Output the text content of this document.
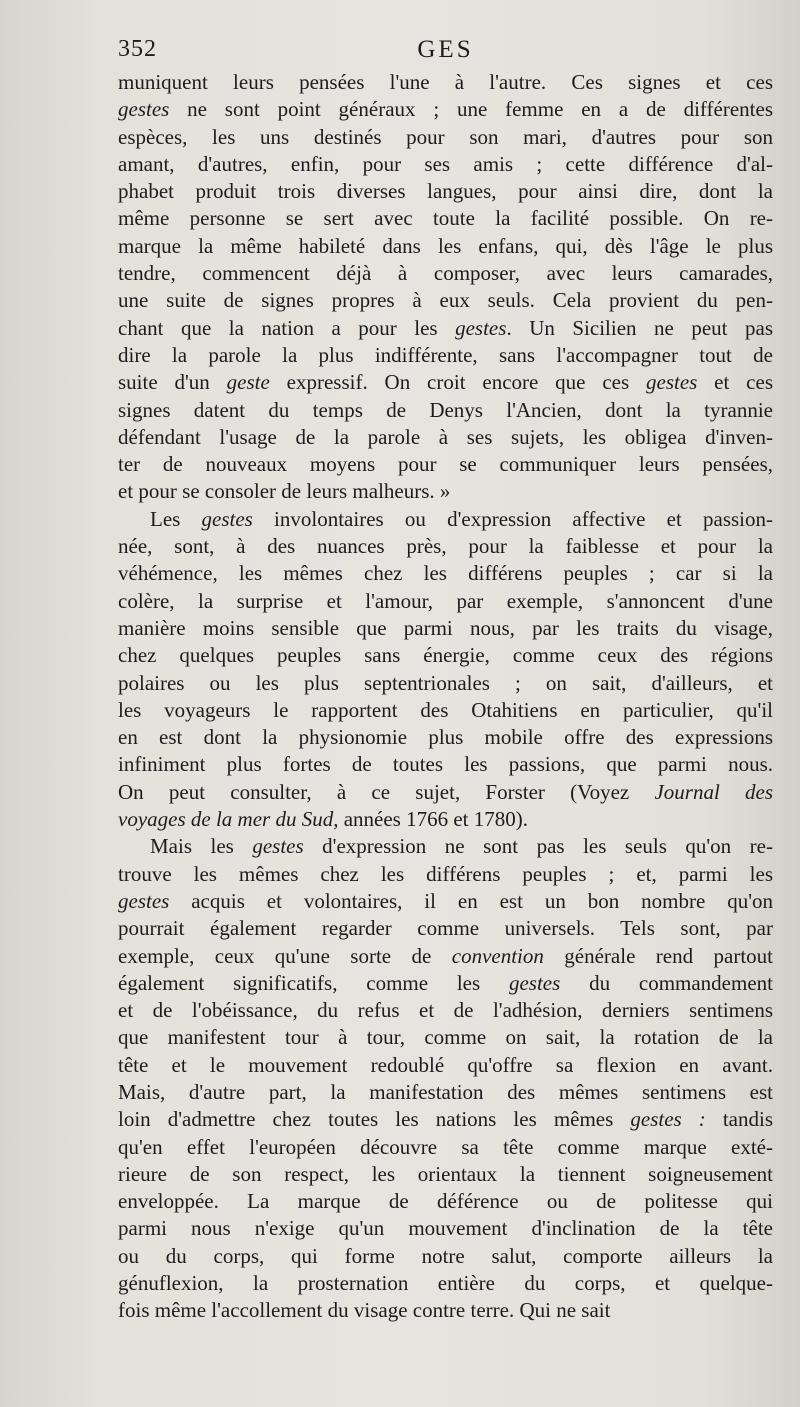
352	GES
muniquent leurs pensées l'une à l'autre. Ces signes et ces
gestes ne sont point généraux ; une femme en a de différentes
espèces, les uns destinés pour son mari, d'autres pour son
amant, d'autres, enfin, pour ses amis ; cette différence d'al-
phabet produit trois diverses langues, pour ainsi dire, dont la
même personne se sert avec toute la facilité possible. On re-
marque la même habileté dans les enfans, qui, dès l'âge le plus
tendre, commencent déjà à composer, avec leurs camarades,
une suite de signes propres à eux seuls. Cela provient du pen-
chant que la nation a pour les gestes. Un Sicilien ne peut pas
dire la parole la plus indifférente, sans l'accompagner tout de
suite d'un geste expressif. On croit encore que ces gestes et ces
signes datent du temps de Denys l'Ancien, dont la tyrannie
défendant l'usage de la parole à ses sujets, les obligea d'inven-
ter de nouveaux moyens pour se communiquer leurs pensées,
et pour se consoler de leurs malheurs. »
Les gestes involontaires ou d'expression affective et passion-
née, sont, à des nuances près, pour la faiblesse et pour la
véhémence, les mêmes chez les différens peuples ; car si la
colère, la surprise et l'amour, par exemple, s'annoncent d'une
manière moins sensible que parmi nous, par les traits du visage,
chez quelques peuples sans énergie, comme ceux des régions
polaires ou les plus septentrionales ; on sait, d'ailleurs, et
les voyageurs le rapportent des Otahitiens en particulier, qu'il
en est dont la physionomie plus mobile offre des expressions
infiniment plus fortes de toutes les passions, que parmi nous.
On peut consulter, à ce sujet, Forster (Voyez Journal des
voyages de la mer du Sud, années 1766 et 1780).
Mais les gestes d'expression ne sont pas les seuls qu'on re-
trouve les mêmes chez les différens peuples ; et, parmi les
gestes acquis et volontaires, il en est un bon nombre qu'on
pourrait également regarder comme universels. Tels sont, par
exemple, ceux qu'une sorte de convention générale rend partout
également significatifs, comme les gestes du commandement
et de l'obéissance, du refus et de l'adhésion, derniers sentimens
que manifestent tour à tour, comme on sait, la rotation de la
tête et le mouvement redoublé qu'offre sa flexion en avant.
Mais, d'autre part, la manifestation des mêmes sentimens est
loin d'admettre chez toutes les nations les mêmes gestes : tandis
qu'en effet l'européen découvre sa tête comme marque exté-
rieure de son respect, les orientaux la tiennent soigneusement
enveloppée. La marque de déférence ou de politesse qui
parmi nous n'exige qu'un mouvement d'inclination de la tête
ou du corps, qui forme notre salut, comporte ailleurs la
génuflexion, la prosternation entière du corps, et quelque-
fois même l'accollement du visage contre terre. Qui ne sait
